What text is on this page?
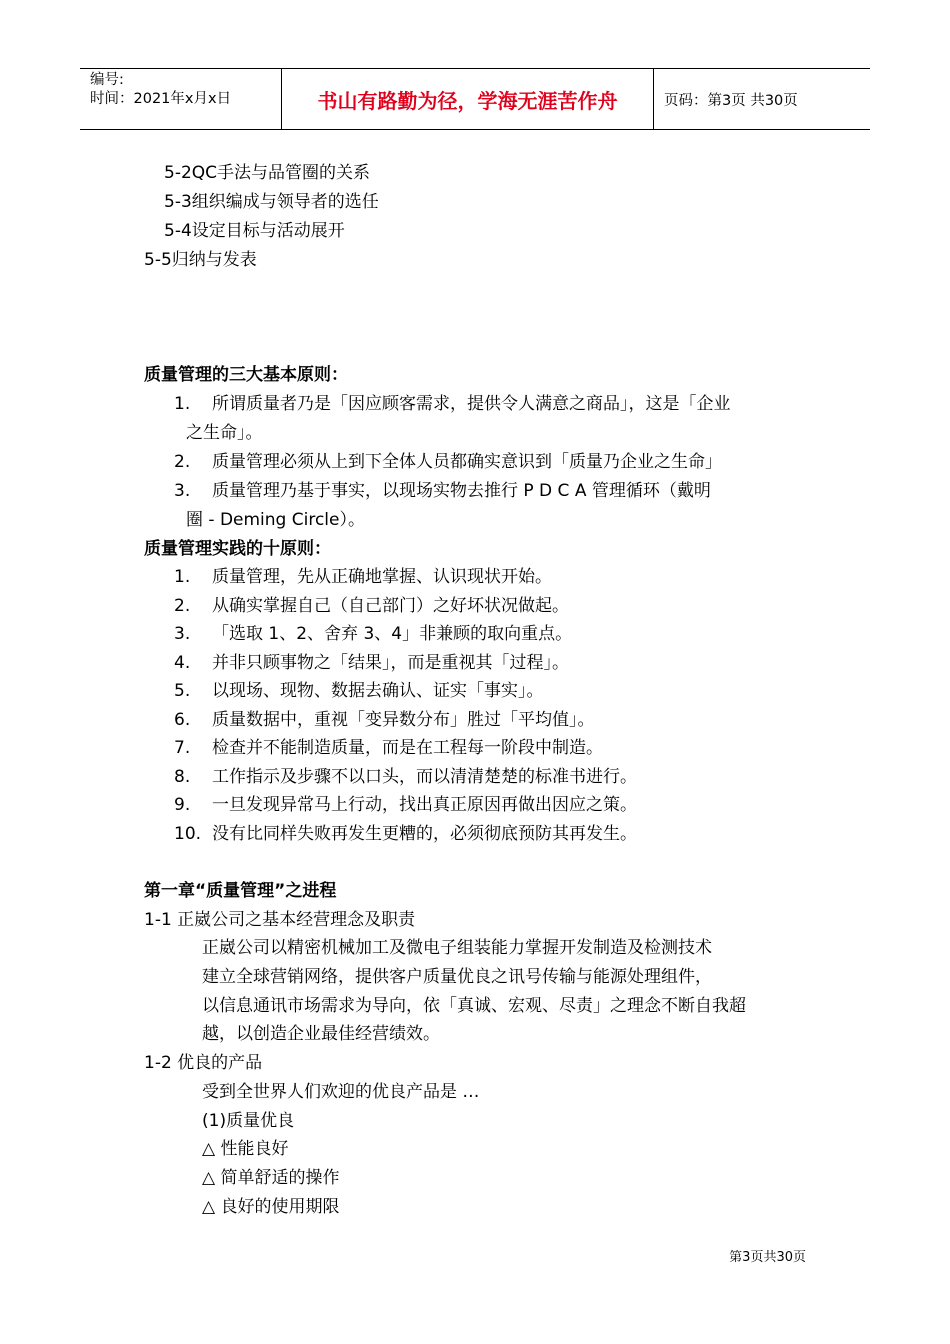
编号:
时间：2021年x月x日	书山有路勤为径，学海无涯苦作舟	页码：第3页 共30页
5-2QC手法与品管圈的关系
5-3组织编成与领导者的选任
5-4设定目标与活动展开
5-5归纳与发表
质量管理的三大基本原则：
1. 所谓质量者乃是「因应顾客需求，提供令人满意之商品」，这是「企业
之生命」。
2. 质量管理必须从上到下全体人员都确实意识到「质量乃企业之生命」
3. 质量管理乃基于事实，以现场实物去推行 P D C A 管理循环（戴明
圈 - Deming Circle）。
质量管理实践的十原则：
1. 质量管理，先从正确地掌握、认识现状开始。
2. 从确实掌握自己（自己部门）之好坏状况做起。
3. 「选取 1、2、舍弃 3、4」非兼顾的取向重点。
4. 并非只顾事物之「结果」，而是重视其「过程」。
5. 以现场、现物、数据去确认、证实「事实」。
6. 质量数据中，重视「变异数分布」胜过「平均值」。
7. 检查并不能制造质量，而是在工程每一阶段中制造。
8. 工作指示及步骤不以口头，而以清清楚楚的标准书进行。
9. 一旦发现异常马上行动，找出真正原因再做出因应之策。
10. 没有比同样失败再发生更糟的，必须彻底预防其再发生。
第一章“质量管理”之进程
1-1 正崴公司之基本经营理念及职责
正崴公司以精密机械加工及微电子组装能力掌握开发制造及检测技术
建立全球营销网络，提供客户质量优良之讯号传输与能源处理组件，
以信息通讯市场需求为导向，依「真诚、宏观、尽责」之理念不断自我超
越，以创造企业最佳经营绩效。
1-2 优良的产品
受到全世界人们欢迎的优良产品是 …
(1)质量优良
△ 性能良好
△ 简单舒适的操作
△ 良好的使用期限
第3页共30页
